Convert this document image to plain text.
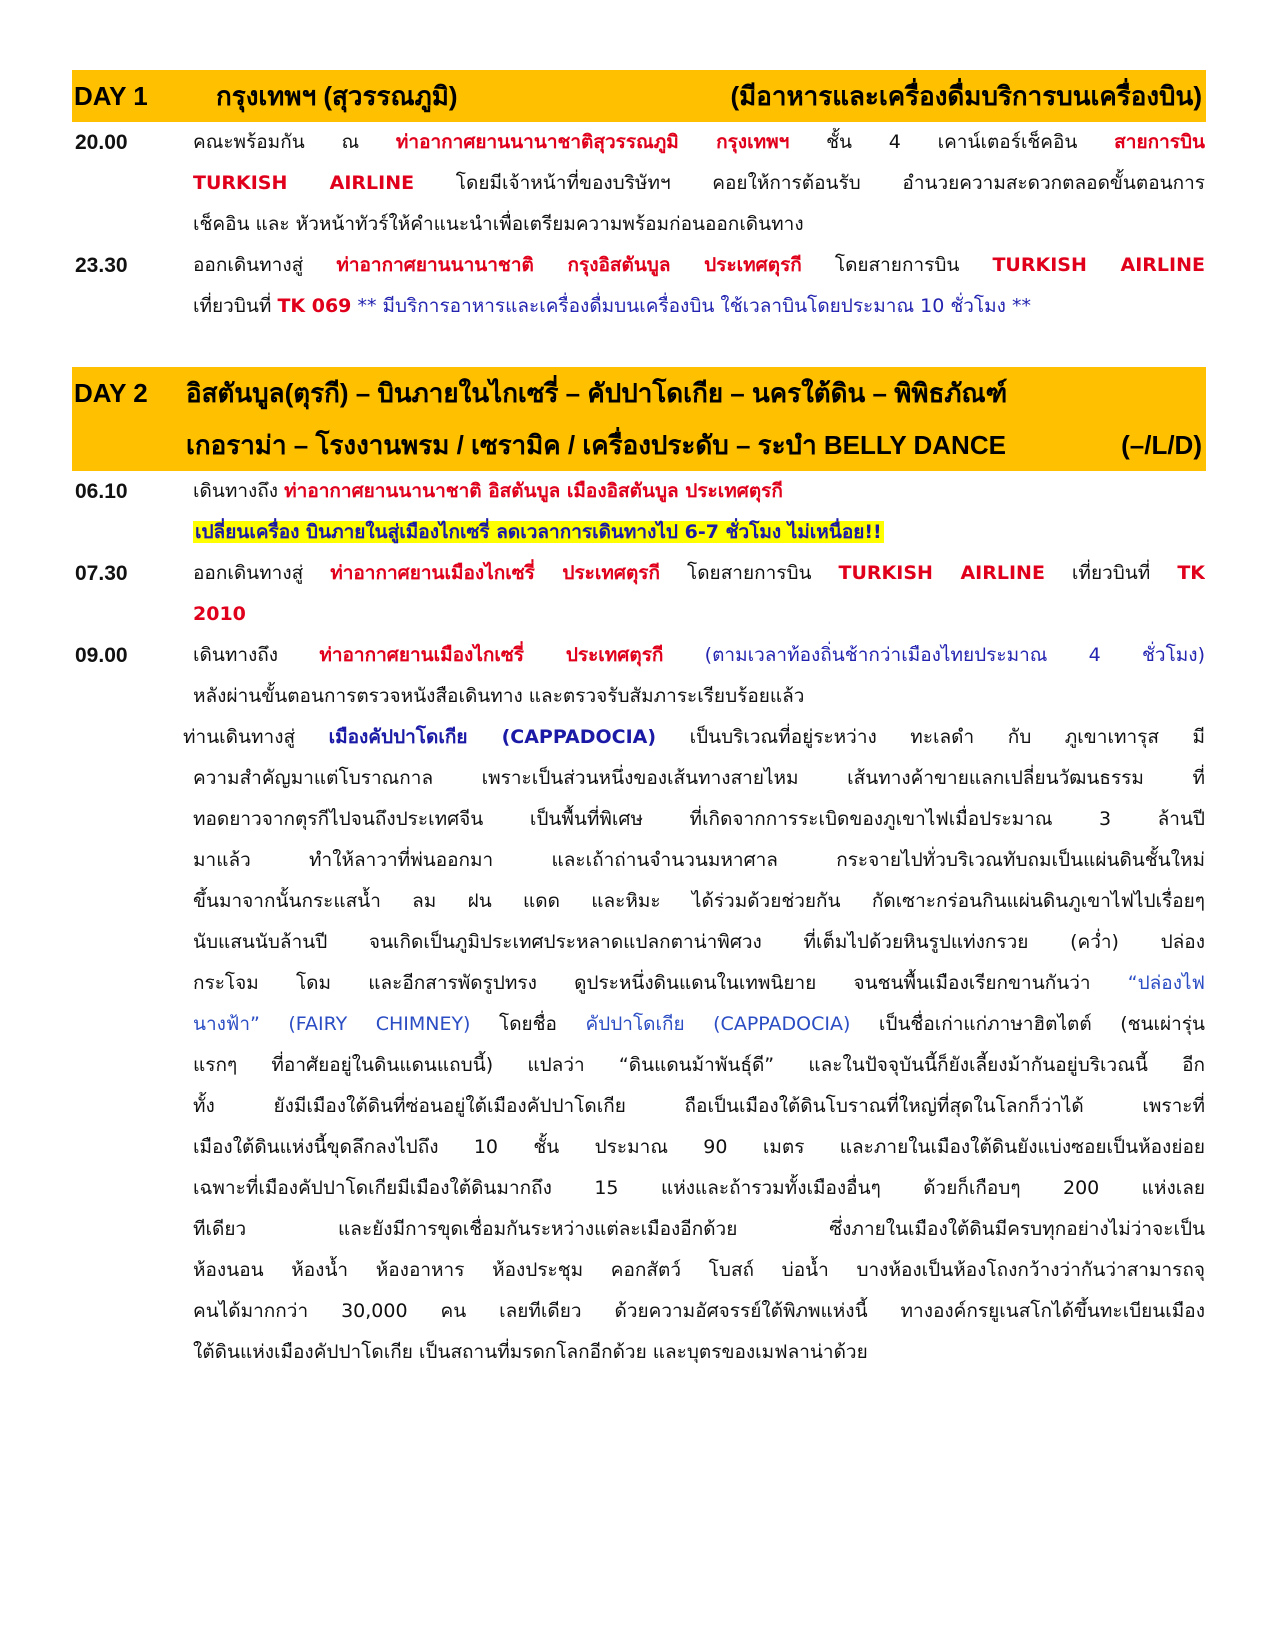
DAY 1	กรุงเทพฯ (สุวรรณภูมิ)	(มีอาหารและเครื่องดื่มบริการบนเครื่องบิน)
20.00	คณะพร้อมกัน ณ ท่าอากาศยานนานาชาติสุวรรณภูมิ กรุงเทพฯ ชั้น 4 เคาน์เตอร์เช็คอิน สายการบิน
TURKISH AIRLINE โดยมีเจ้าหน้าที่ของบริษัทฯ คอยให้การต้อนรับ อำนวยความสะดวกตลอดขั้นตอนการ
เช็คอิน และ หัวหน้าทัวร์ให้คำแนะนำเพื่อเตรียมความพร้อมก่อนออกเดินทาง
23.30	ออกเดินทางสู่ ท่าอากาศยานนานาชาติ กรุงอิสตันบูล ประเทศตุรกี โดยสายการบิน TURKISH AIRLINE
เที่ยวบินที่ TK 069 ** มีบริการอาหารและเครื่องดื่มบนเครื่องบิน ใช้เวลาบินโดยประมาณ 10 ชั่วโมง **
DAY 2 อิสตันบูล(ตุรกี) – บินภายในไกเซรี่ – คัปปาโดเกีย – นครใต้ดิน – พิพิธภัณฑ์
เกอราม่า – โรงงานพรม / เซรามิค / เครื่องประดับ – ระบำ BELLY DANCE	(–/L/D)
06.10	เดินทางถึง ท่าอากาศยานนานาชาติ อิสตันบูล เมืองอิสตันบูล ประเทศตุรกี
เปลี่ยนเครื่อง บินภายในสู่เมืองไกเซรี่ ลดเวลาการเดินทางไป 6-7 ชั่วโมง ไม่เหนื่อย!!
07.30	ออกเดินทางสู่ ท่าอากาศยานเมืองไกเซรี่ ประเทศตุรกี โดยสายการบิน TURKISH AIRLINE เที่ยวบินที่ TK
2010
09.00	เดินทางถึง ท่าอากาศยานเมืองไกเซรี่ ประเทศตุรกี (ตามเวลาท้องถิ่นช้ากว่าเมืองไทยประมาณ 4 ชั่วโมง)
หลังผ่านขั้นตอนการตรวจหนังสือเดินทาง และตรวจรับสัมภาระเรียบร้อยแล้ว
ท่านเดินทางสู่ เมืองคัปปาโดเกีย (CAPPADOCIA) เป็นบริเวณที่อยู่ระหว่าง ทะเลดำ กับ ภูเขาเทารุส มี
ความสำคัญมาแต่โบราณกาล เพราะเป็นส่วนหนึ่งของเส้นทางสายไหม เส้นทางค้าขายแลกเปลี่ยนวัฒนธรรม ที่
ทอดยาวจากตุรกีไปจนถึงประเทศจีน เป็นพื้นที่พิเศษ ที่เกิดจากการระเบิดของภูเขาไฟเมื่อประมาณ 3 ล้านปี
มาแล้ว ทำให้ลาวาที่พ่นออกมา และเถ้าถ่านจำนวนมหาศาล กระจายไปทั่วบริเวณทับถมเป็นแผ่นดินชั้นใหม่
ขึ้นมาจากนั้นกระแสน้ำ ลม ฝน แดด และหิมะ ได้ร่วมด้วยช่วยกัน กัดเซาะกร่อนกินแผ่นดินภูเขาไฟไปเรื่อยๆ
นับแสนนับล้านปี จนเกิดเป็นภูมิประเทศประหลาดแปลกตาน่าพิศวง ที่เต็มไปด้วยหินรูปแท่งกรวย (คว่ำ) ปล่อง
กระโจม โดม และอีกสารพัดรูปทรง ดูประหนึ่งดินแดนในเทพนิยาย จนชนพื้นเมืองเรียกขานกันว่า “ปล่องไฟ
นางฟ้า” (FAIRY CHIMNEY) โดยชื่อ คัปปาโดเกีย (CAPPADOCIA) เป็นชื่อเก่าแก่ภาษาฮิตไตต์ (ชนเผ่ารุ่น
แรกๆ ที่อาศัยอยู่ในดินแดนแถบนี้) แปลว่า “ดินแดนม้าพันธุ์ดี” และในปัจจุบันนี้ก็ยังเลี้ยงม้ากันอยู่บริเวณนี้ อีก
ทั้ง ยังมีเมืองใต้ดินที่ซ่อนอยู่ใต้เมืองคัปปาโดเกีย ถือเป็นเมืองใต้ดินโบราณที่ใหญ่ที่สุดในโลกก็ว่าได้ เพราะที่
เมืองใต้ดินแห่งนี้ขุดลึกลงไปถึง 10 ชั้น ประมาณ 90 เมตร และภายในเมืองใต้ดินยังแบ่งซอยเป็นห้องย่อย
เฉพาะที่เมืองคัปปาโดเกียมีเมืองใต้ดินมากถึง 15 แห่งและถ้ารวมทั้งเมืองอื่นๆ ด้วยก็เกือบๆ 200 แห่งเลย
ทีเดียว และยังมีการขุดเชื่อมกันระหว่างแต่ละเมืองอีกด้วย ซึ่งภายในเมืองใต้ดินมีครบทุกอย่างไม่ว่าจะเป็น
ห้องนอน ห้องน้ำ ห้องอาหาร ห้องประชุม คอกสัตว์ โบสถ์ บ่อน้ำ บางห้องเป็นห้องโถงกว้างว่ากันว่าสามารถจุ
คนได้มากกว่า 30,000 คน เลยทีเดียว ด้วยความอัศจรรย์ใต้พิภพแห่งนี้ ทางองค์กรยูเนสโกได้ขึ้นทะเบียนเมือง
ใต้ดินแห่งเมืองคัปปาโดเกีย เป็นสถานที่มรดกโลกอีกด้วย และบุตรของเมฟลาน่าด้วย
